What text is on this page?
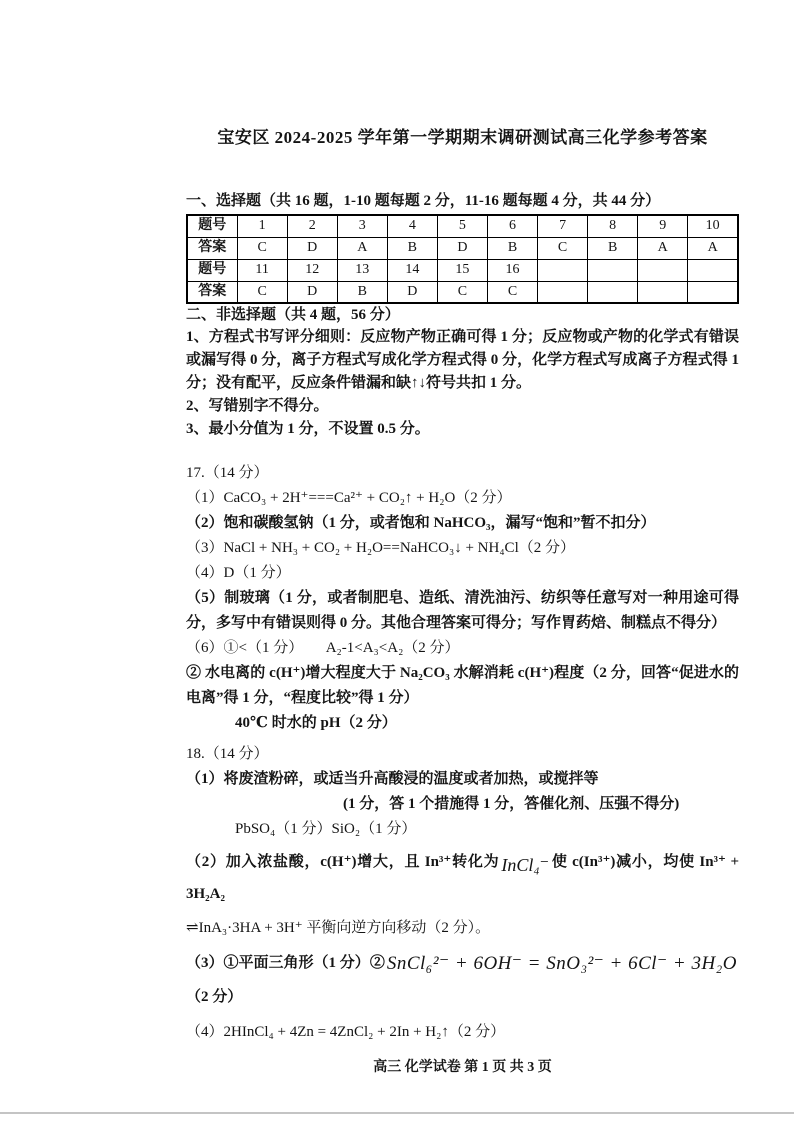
宝安区 2024-2025 学年第一学期期末调研测试高三化学参考答案
一、选择题（共 16 题，1-10 题每题 2 分，11-16 题每题 4 分，共 44 分）
题号	1	2	3	4	5	6	7	8	9	10
答案	C	D	A	B	D	B	C	B	A	A
题号	11	12	13	14	15	16				
答案	C	D	B	D	C	C				
二、非选择题（共 4 题，56 分）

1、方程式书写评分细则：反应物产物正确可得 1 分；反应物或产物的化学式有错误或漏写得 0 分，离子方程式写成化学方程式得 0 分，化学方程式写成离子方程式得 1 分；没有配平，反应条件错漏和缺↑↓符号共扣 1 分。

2、写错别字不得分。

3、最小分值为 1 分，不设置 0.5 分。

17.（14 分）

（1）CaCO₃ + 2H⁺===Ca²⁺ + CO₂↑ + H₂O（2 分）

（2）饱和碳酸氢钠（1 分，或者饱和 NaHCO₃，漏写“饱和”暂不扣分）

（3）NaCl + NH₃ + CO₂ + H₂O==NaHCO₃↓ + NH₄Cl（2 分）

（4）D（1 分）

（5）制玻璃（1 分，或者制肥皂、造纸、清洗油污、纺织等任意写对一种用途可得分，多写中有错误则得 0 分。其他合理答案可得分；写作胃药焙、制糕点不得分）

（6）①<（1 分）　　A₂-1<A₃<A₂（2 分）

② 水电离的 c(H⁺)增大程度大于 Na₂CO₃ 水解消耗 c(H⁺)程度（2 分，回答“促进水的电离”得 1 分，“程度比较”得 1 分）

40℃ 时水的 pH（2 分）

18.（14 分）

（1）将废渣粉碎，或适当升高酸浸的温度或者加热，或搅拌等

(1 分，答 1 个措施得 1 分，答催化剂、压强不得分)

PbSO₄（1 分）SiO₂（1 分）

（2）加入浓盐酸，c(H⁺)增大，且 In³⁺转化为 InCl₄⁻ 使 c(In³⁺)减小，均使 In³⁺ + 3H₂A₂

⇌InA₃·3HA + 3H⁺ 平衡向逆方向移动（2 分）。

（3）①平面三角形（1 分）② SnCl₆²⁻ + 6OH⁻ = SnO₃²⁻ + 6Cl⁻ + 3H₂O（2 分）

（4）2HInCl₄ + 4Zn = 4ZnCl₂ + 2In + H₂↑（2 分）

高三 化学试卷 第 1 页 共 3 页
